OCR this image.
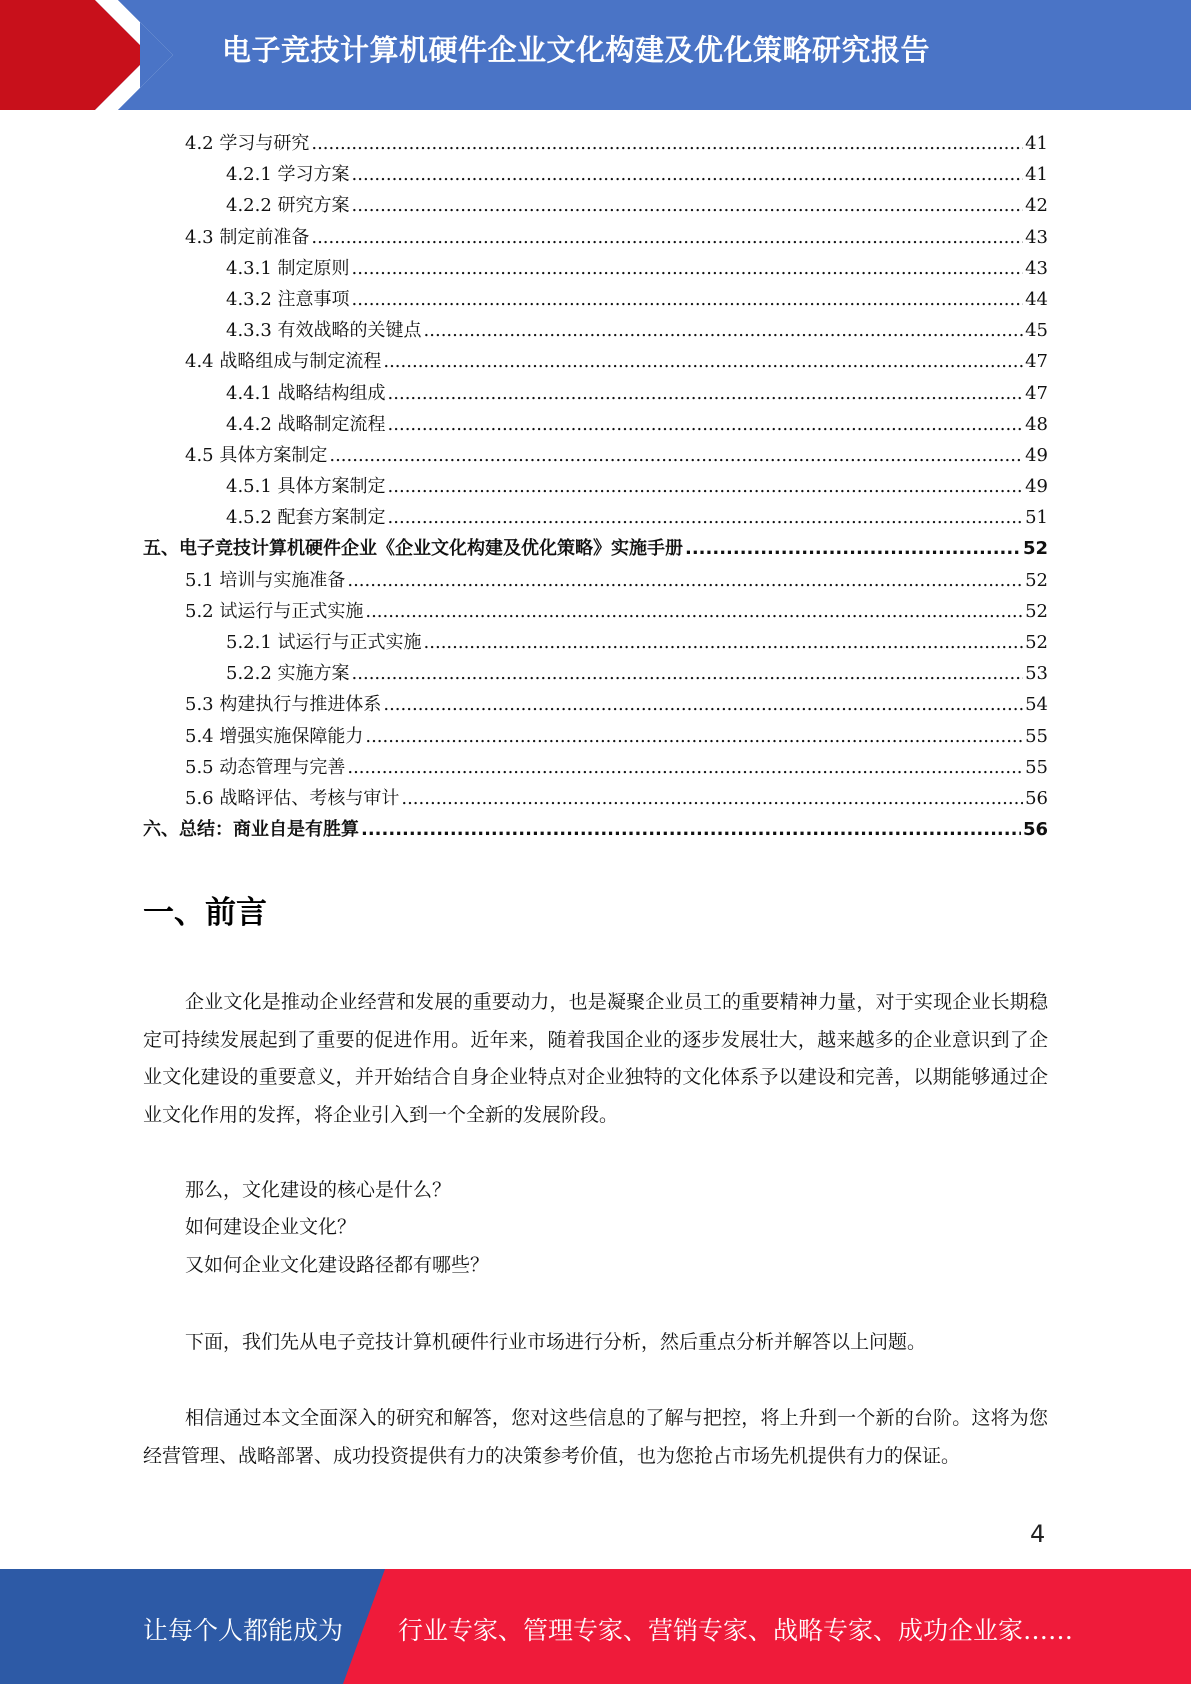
电子竞技计算机硬件企业文化构建及优化策略研究报告
4.2 学习与研究 .....	41
4.2.1 学习方案 .....	41
4.2.2 研究方案 .....	42
4.3 制定前准备 .....	43
4.3.1 制定原则 .....	43
4.3.2 注意事项 .....	44
4.3.3 有效战略的关键点 .....	45
4.4 战略组成与制定流程 .....	47
4.4.1 战略结构组成 .....	47
4.4.2 战略制定流程 .....	48
4.5 具体方案制定 .....	49
4.5.1 具体方案制定 .....	49
4.5.2 配套方案制定 .....	51
五、电子竞技计算机硬件企业《企业文化构建及优化策略》实施手册 .....	52
5.1 培训与实施准备 .....	52
5.2 试运行与正式实施 .....	52
5.2.1 试运行与正式实施 .....	52
5.2.2 实施方案 .....	53
5.3 构建执行与推进体系 .....	54
5.4 增强实施保障能力 .....	55
5.5 动态管理与完善 .....	55
5.6 战略评估、考核与审计 .....	56
六、总结：商业自是有胜算 .....	56
一、前言
企业文化是推动企业经营和发展的重要动力，也是凝聚企业员工的重要精神力量，对于实现企业长期稳定可持续发展起到了重要的促进作用。近年来，随着我国企业的逐步发展壮大，越来越多的企业意识到了企业文化建设的重要意义，并开始结合自身企业特点对企业独特的文化体系予以建设和完善，以期能够通过企业文化作用的发挥，将企业引入到一个全新的发展阶段。
那么，文化建设的核心是什么？
如何建设企业文化？
又如何企业文化建设路径都有哪些？
下面，我们先从电子竞技计算机硬件行业市场进行分析，然后重点分析并解答以上问题。
相信通过本文全面深入的研究和解答，您对这些信息的了解与把控，将上升到一个新的台阶。这将为您经营管理、战略部署、成功投资提供有力的决策参考价值，也为您抢占市场先机提供有力的保证。
4
让每个人都能成为 行业专家、管理专家、营销专家、战略专家、成功企业家……
